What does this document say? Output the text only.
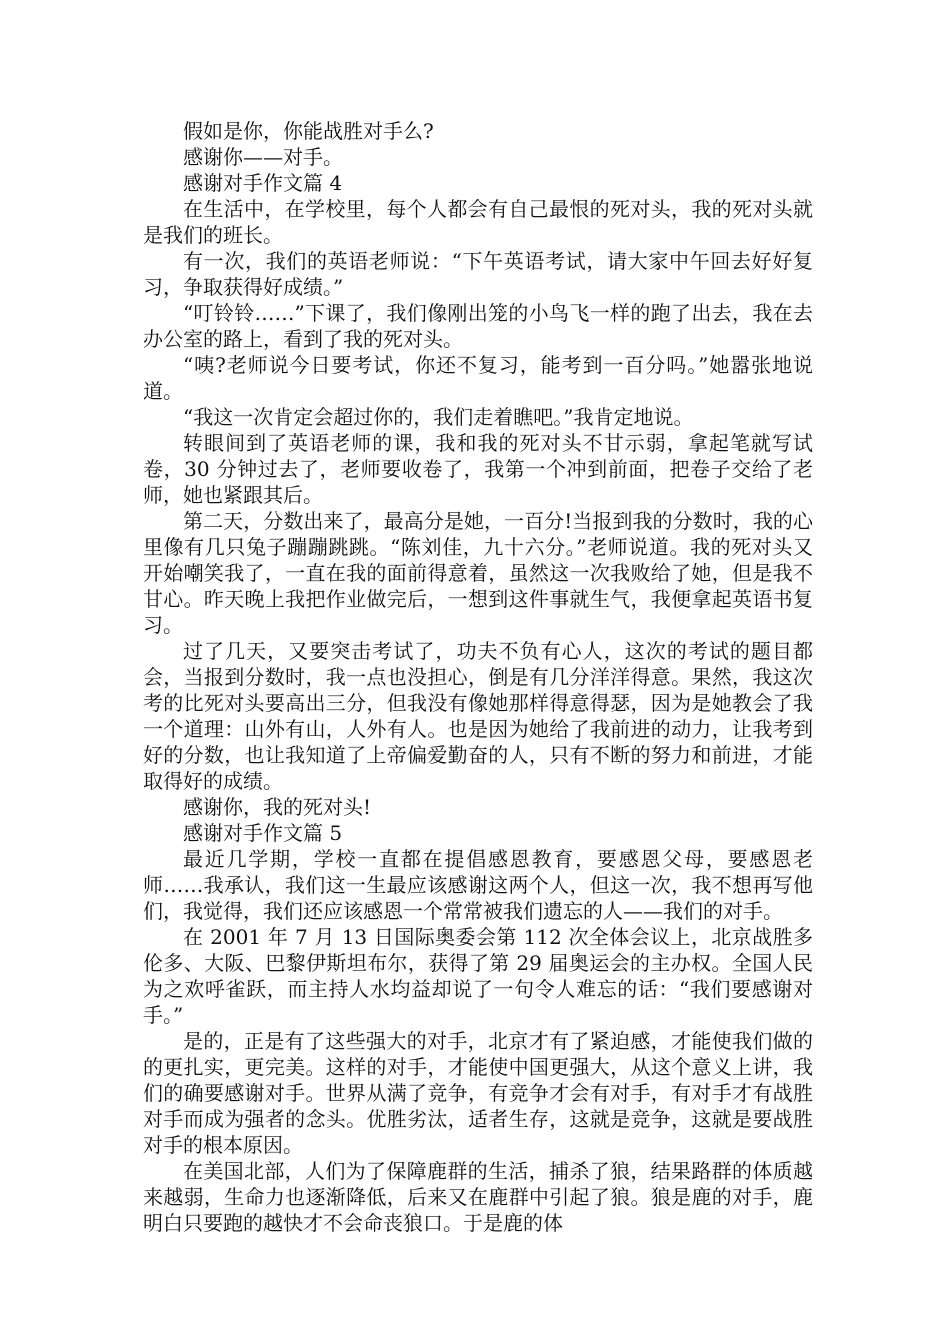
假如是你，你能战胜对手么?

感谢你——对手。

感谢对手作文篇 4

在生活中，在学校里，每个人都会有自己最恨的死对头，我的死对头就是我们的班长。

有一次，我们的英语老师说：“下午英语考试，请大家中午回去好好复习，争取获得好成绩。”

“叮铃铃……”下课了，我们像刚出笼的小鸟飞一样的跑了出去，我在去办公室的路上，看到了我的死对头。

“咦?老师说今日要考试，你还不复习，能考到一百分吗。”她嚣张地说道。

“我这一次肯定会超过你的，我们走着瞧吧。”我肯定地说。

转眼间到了英语老师的课，我和我的死对头不甘示弱，拿起笔就写试卷，30 分钟过去了，老师要收卷了，我第一个冲到前面，把卷子交给了老师，她也紧跟其后。

第二天，分数出来了，最高分是她，一百分!当报到我的分数时，我的心里像有几只兔子蹦蹦跳跳。“陈刘佳，九十六分。”老师说道。我的死对头又开始嘲笑我了，一直在我的面前得意着，虽然这一次我败给了她，但是我不甘心。昨天晚上我把作业做完后，一想到这件事就生气，我便拿起英语书复习。

过了几天，又要突击考试了，功夫不负有心人，这次的考试的题目都会，当报到分数时，我一点也没担心，倒是有几分洋洋得意。果然，我这次考的比死对头要高出三分，但我没有像她那样得意得瑟，因为是她教会了我一个道理：山外有山，人外有人。也是因为她给了我前进的动力，让我考到好的分数，也让我知道了上帝偏爱勤奋的人，只有不断的努力和前进，才能取得好的成绩。

感谢你，我的死对头!

感谢对手作文篇 5

最近几学期，学校一直都在提倡感恩教育，要感恩父母，要感恩老师……我承认，我们这一生最应该感谢这两个人，但这一次，我不想再写他们，我觉得，我们还应该感恩一个常常被我们遗忘的人——我们的对手。

在 2001 年 7 月 13 日国际奥委会第 112 次全体会议上，北京战胜多伦多、大阪、巴黎伊斯坦布尔，获得了第 29 届奥运会的主办权。全国人民为之欢呼雀跃，而主持人水均益却说了一句令人难忘的话：“我们要感谢对手。”

是的，正是有了这些强大的对手，北京才有了紧迫感，才能使我们做的的更扎实，更完美。这样的对手，才能使中国更强大，从这个意义上讲，我们的确要感谢对手。世界从满了竞争，有竞争才会有对手，有对手才有战胜对手而成为强者的念头。优胜劣汰，适者生存，这就是竞争，这就是要战胜对手的根本原因。

在美国北部，人们为了保障鹿群的生活，捕杀了狼，结果路群的体质越来越弱，生命力也逐渐降低，后来又在鹿群中引起了狼。狼是鹿的对手，鹿明白只要跑的越快才不会命丧狼口。于是鹿的体
